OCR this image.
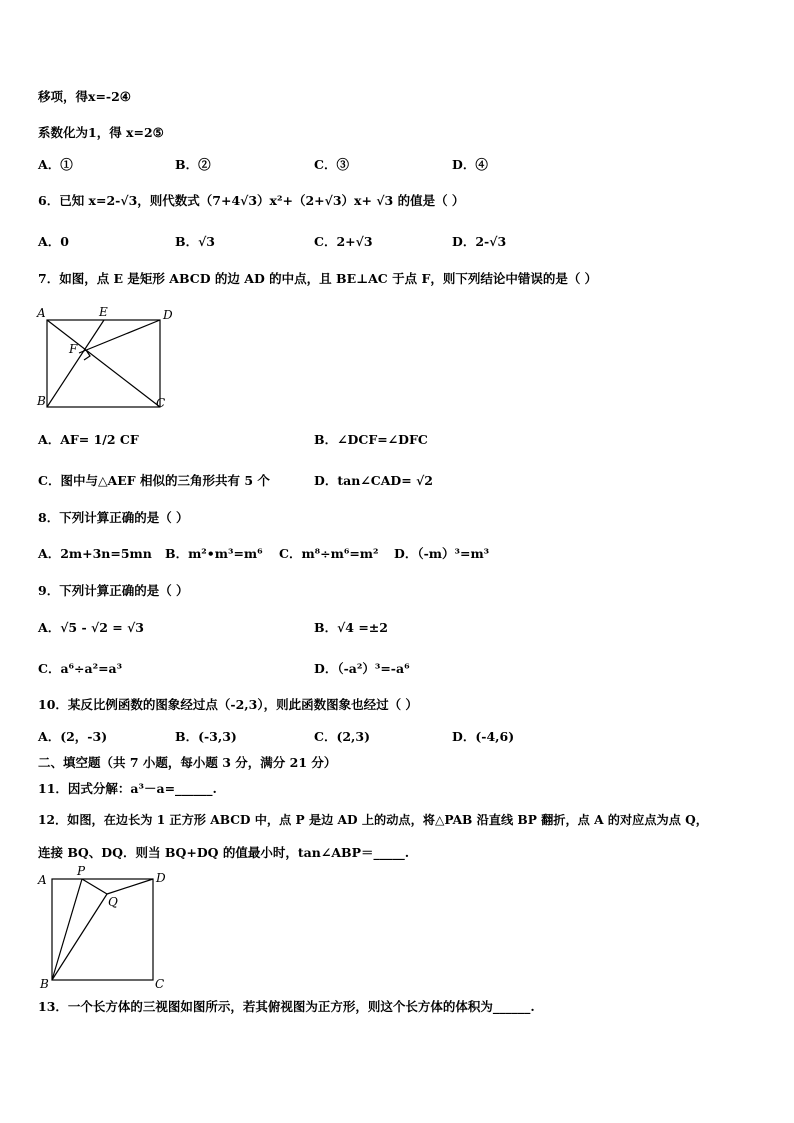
移项，得x=-2④
系数化为1，得 x=2⑤
A．①	B．②	C．③	D．④
6．已知 x=2-√3，则代数式（7+4√3）x²+（2+√3）x+ √3 的值是（ ）
A．0	B．√3	C．2+√3	D．2-√3
7．如图，点 E 是矩形 ABCD 的边 AD 的中点，且 BE⊥AC 于点 F，则下列结论中错误的是（ ）
A	E	D
F
B	C
A．AF= 1/2 CF	B．∠DCF=∠DFC
C．图中与△AEF 相似的三角形共有 5 个	D．tan∠CAD= √2
8．下列计算正确的是（ ）
A．2m+3n=5mn B．m²•m³=m⁶ C．m⁸÷m⁶=m² D．（-m）³=m³
9．下列计算正确的是（ ）
A．√5 - √2 = √3	B．√4 =±2
C．a⁶÷a²=a³	D．（-a²）³=-a⁶
10．某反比例函数的图象经过点（-2,3），则此函数图象也经过（ ）
A．(2，-3)	B．(-3,3)	C．(2,3)	D．(-4,6)
二、填空题（共 7 小题，每小题 3 分，满分 21 分）
11．因式分解：a³－a=______.
12．如图，在边长为 1 正方形 ABCD 中，点 P 是边 AD 上的动点，将△PAB 沿直线 BP 翻折，点 A 的对应点为点 Q，
连接 BQ、DQ．则当 BQ+DQ 的值最小时，tan∠ABP＝_____.
A
P	D
Q
B	C
13．一个长方体的三视图如图所示，若其俯视图为正方形，则这个长方体的体积为______.
